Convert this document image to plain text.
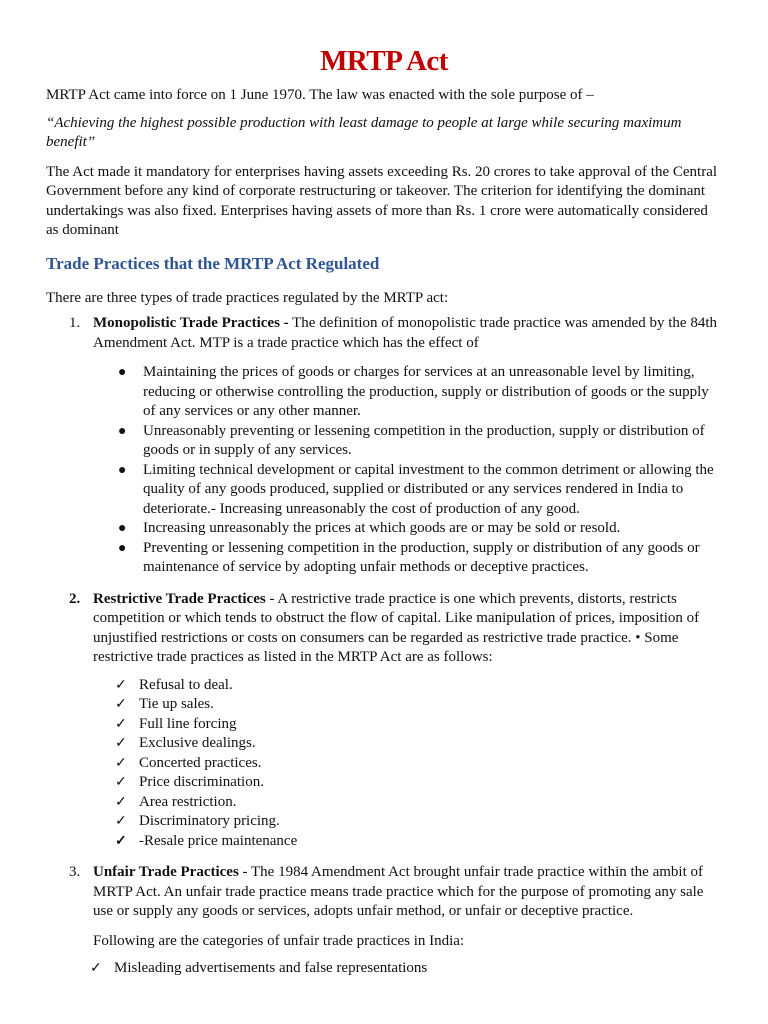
MRTP Act

MRTP Act came into force on 1 June 1970. The law was enacted with the sole purpose of –

“Achieving the highest possible production with least damage to people at large while securing maximum benefit”

The Act made it mandatory for enterprises having assets exceeding Rs. 20 crores to take approval of the Central Government before any kind of corporate restructuring or takeover. The criterion for identifying the dominant undertakings was also fixed. Enterprises having assets of more than Rs. 1 crore were automatically considered as dominant

Trade Practices that the MRTP Act Regulated

There are three types of trade practices regulated by the MRTP act:

1. Monopolistic Trade Practices - The definition of monopolistic trade practice was amended by the 84th Amendment Act. MTP is a trade practice which has the effect of
● Maintaining the prices of goods or charges for services at an unreasonable level by limiting, reducing or otherwise controlling the production, supply or distribution of goods or the supply of any services or any other manner.
● Unreasonably preventing or lessening competition in the production, supply or distribution of goods or in supply of any services.
● Limiting technical development or capital investment to the common detriment or allowing the quality of any goods produced, supplied or distributed or any services rendered in India to deteriorate.- Increasing unreasonably the cost of production of any good.
● Increasing unreasonably the prices at which goods are or may be sold or resold.
● Preventing or lessening competition in the production, supply or distribution of any goods or maintenance of service by adopting unfair methods or deceptive practices.
2. Restrictive Trade Practices - A restrictive trade practice is one which prevents, distorts, restricts competition or which tends to obstruct the flow of capital. Like manipulation of prices, imposition of unjustified restrictions or costs on consumers can be regarded as restrictive trade practice. • Some restrictive trade practices as listed in the MRTP Act are as follows:
✓ Refusal to deal.
✓ Tie up sales.
✓ Full line forcing
✓ Exclusive dealings.
✓ Concerted practices.
✓ Price discrimination.
✓ Area restriction.
✓ Discriminatory pricing.
✓ -Resale price maintenance
3. Unfair Trade Practices - The 1984 Amendment Act brought unfair trade practice within the ambit of MRTP Act. An unfair trade practice means trade practice which for the purpose of promoting any sale use or supply any goods or services, adopts unfair method, or unfair or deceptive practice.

Following are the categories of unfair trade practices in India:

✓ Misleading advertisements and false representations
